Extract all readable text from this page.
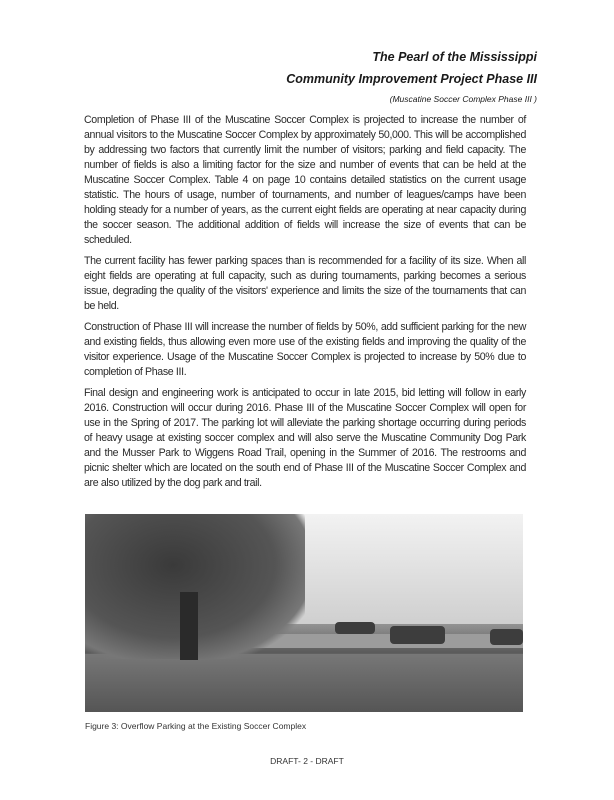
The Pearl of the Mississippi
Community Improvement Project Phase III
(Muscatine Soccer Complex Phase III )

Completion of Phase III of the Muscatine Soccer Complex is projected to increase the number of annual visitors to the Muscatine Soccer Complex by approximately 50,000. This will be accomplished by addressing two factors that currently limit the number of visitors; parking and field capacity. The number of fields is also a limiting factor for the size and number of events that can be held at the Muscatine Soccer Complex. Table 4 on page 10 contains detailed statistics on the current usage statistic. The hours of usage, number of tournaments, and number of leagues/camps have been holding steady for a number of years, as the current eight fields are operating at near capacity during the soccer season. The additional addition of fields will increase the size of events that can be scheduled.

The current facility has fewer parking spaces than is recommended for a facility of its size. When all eight fields are operating at full capacity, such as during tournaments, parking becomes a serious issue, degrading the quality of the visitors' experience and limits the size of the tournaments that can be held.

Construction of Phase III will increase the number of fields by 50%, add sufficient parking for the new and existing fields, thus allowing even more use of the existing fields and improving the quality of the visitor experience. Usage of the Muscatine Soccer Complex is projected to increase by 50% due to completion of Phase III.

Final design and engineering work is anticipated to occur in late 2015, bid letting will follow in early 2016. Construction will occur during 2016. Phase III of the Muscatine Soccer Complex will open for use in the Spring of 2017. The parking lot will alleviate the parking shortage occurring during periods of heavy usage at existing soccer complex and will also serve the Muscatine Community Dog Park and the Musser Park to Wiggens Road Trail, opening in the Summer of 2016. The restrooms and picnic shelter which are located on the south end of Phase III of the Muscatine Soccer Complex and are also utilized by the dog park and trail.

Figure 3: Overflow Parking at the Existing Soccer Complex
DRAFT- 2 - DRAFT
